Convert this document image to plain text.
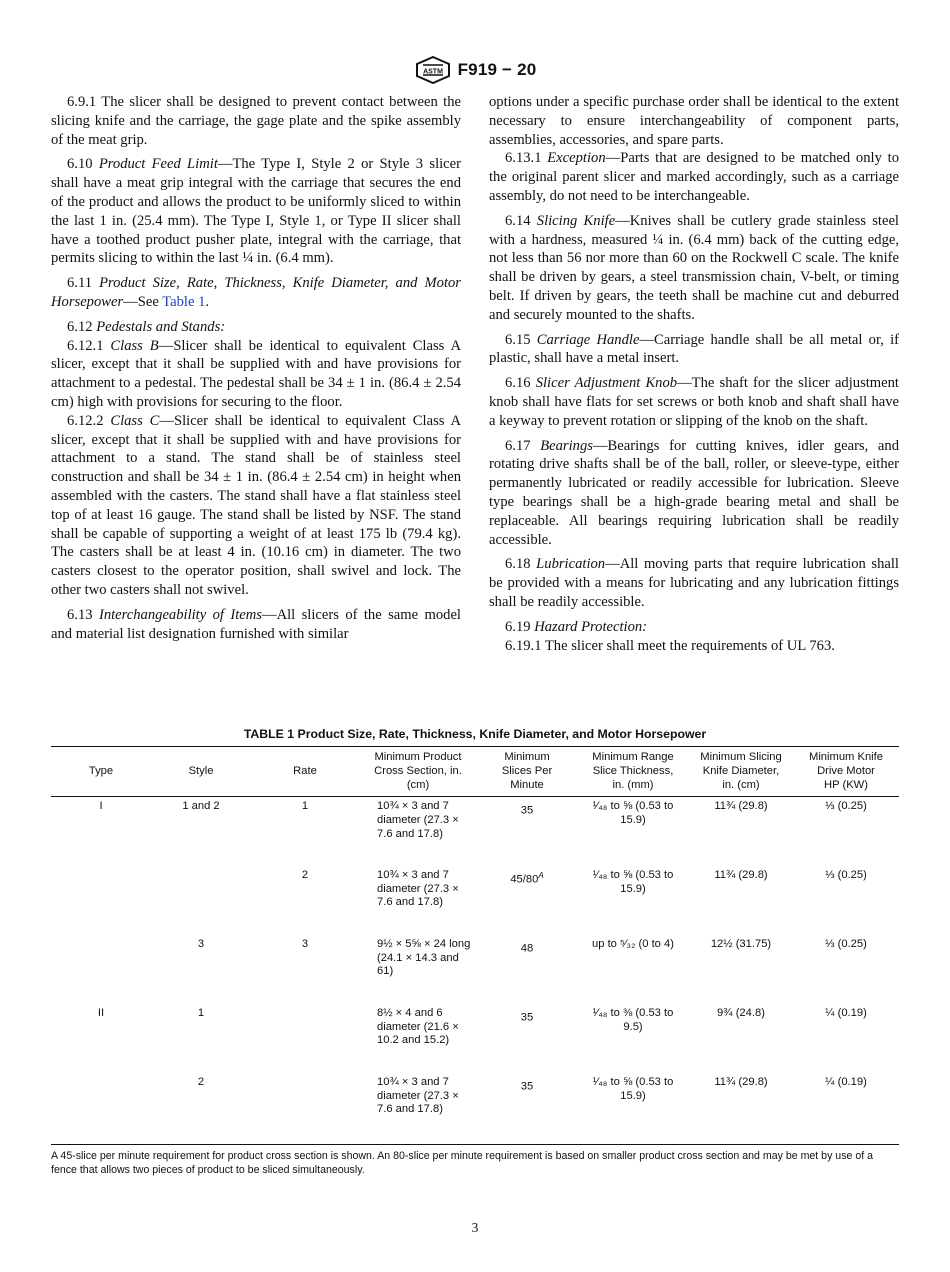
ASTM F919 − 20

6.9.1 The slicer shall be designed to prevent contact between the slicing knife and the carriage, the gage plate and the spike assembly of the meat grip.

6.10 Product Feed Limit—The Type I, Style 2 or Style 3 slicer shall have a meat grip integral with the carriage that secures the end of the product and allows the product to be uniformly sliced to within the last 1 in. (25.4 mm). The Type I, Style 1, or Type II slicer shall have a toothed product pusher plate, integral with the carriage, that permits slicing to within the last ¼ in. (6.4 mm).

6.11 Product Size, Rate, Thickness, Knife Diameter, and Motor Horsepower—See Table 1.

6.12 Pedestals and Stands:

6.12.1 Class B—Slicer shall be identical to equivalent Class A slicer, except that it shall be supplied with and have provisions for attachment to a pedestal. The pedestal shall be 34 ± 1 in. (86.4 ± 2.54 cm) high with provisions for securing to the floor.

6.12.2 Class C—Slicer shall be identical to equivalent Class A slicer, except that it shall be supplied with and have provisions for attachment to a stand. The stand shall be of stainless steel construction and shall be 34 ± 1 in. (86.4 ± 2.54 cm) in height when assembled with the casters. The stand shall have a flat stainless steel top of at least 16 gauge. The stand shall be listed by NSF. The stand shall be capable of supporting a weight of at least 175 lb (79.4 kg). The casters shall be at least 4 in. (10.16 cm) in diameter. The two casters closest to the operator position, shall swivel and lock. The other two casters shall not swivel.

6.13 Interchangeability of Items—All slicers of the same model and material list designation furnished with similar

options under a specific purchase order shall be identical to the extent necessary to ensure interchangeability of component parts, assemblies, accessories, and spare parts.

6.13.1 Exception—Parts that are designed to be matched only to the original parent slicer and marked accordingly, such as a carriage assembly, do not need to be interchangeable.

6.14 Slicing Knife—Knives shall be cutlery grade stainless steel with a hardness, measured ¼ in. (6.4 mm) back of the cutting edge, not less than 56 nor more than 60 on the Rockwell C scale. The knife shall be driven by gears, a steel transmission chain, V-belt, or timing belt. If driven by gears, the teeth shall be machine cut and deburred and securely mounted to the shafts.

6.15 Carriage Handle—Carriage handle shall be all metal or, if plastic, shall have a metal insert.

6.16 Slicer Adjustment Knob—The shaft for the slicer adjustment knob shall have flats for set screws or both knob and shaft shall have a keyway to prevent rotation or slipping of the knob on the shaft.

6.17 Bearings—Bearings for cutting knives, idler gears, and rotating drive shafts shall be of the ball, roller, or sleeve-type, either permanently lubricated or readily accessible for lubrication. Sleeve type bearings shall be a high-grade bearing metal and shall be replaceable. All bearings requiring lubrication shall be readily accessible.

6.18 Lubrication—All moving parts that require lubrication shall be provided with a means for lubricating and any lubrication fittings shall be readily accessible.

6.19 Hazard Protection:

6.19.1 The slicer shall meet the requirements of UL 763.

TABLE 1 Product Size, Rate, Thickness, Knife Diameter, and Motor Horsepower
Type	Style	Rate	Minimum Product Cross Section, in. (cm)	Minimum Slices Per Minute	Minimum Range Slice Thickness, in. (mm)	Minimum Slicing Knife Diameter, in. (cm)	Minimum Knife Drive Motor HP (KW)
I	1 and 2	1	10¾ × 3 and 7 diameter (27.3 × 7.6 and 17.8)	35	¹⁄₄₈ to ⅝ (0.53 to 15.9)	11¾ (29.8)	⅓ (0.25)
		2	10¾ × 3 and 7 diameter (27.3 × 7.6 and 17.8)	$45/80^A$	¹⁄₄₈ to ⅝ (0.53 to 15.9)	11¾ (29.8)	⅓ (0.25)
	3	3	9½ × 5⅝ × 24 long (24.1 × 14.3 and 61)	48	up to ⁵⁄₃₂ (0 to 4)	12½ (31.75)	⅓ (0.25)
II	1		8½ × 4 and 6 diameter (21.6 × 10.2 and 15.2)	35	¹⁄₄₈ to ⅜ (0.53 to 9.5)	9¾ (24.8)	¼ (0.19)
	2		10¾ × 3 and 7 diameter (27.3 × 7.6 and 17.8)	35	¹⁄₄₈ to ⅝ (0.53 to 15.9)	11¾ (29.8)	¼ (0.19)
A 45-slice per minute requirement for product cross section is shown. An 80-slice per minute requirement is based on smaller product cross section and may be met by use of a fence that allows two pieces of product to be sliced simultaneously.
3
